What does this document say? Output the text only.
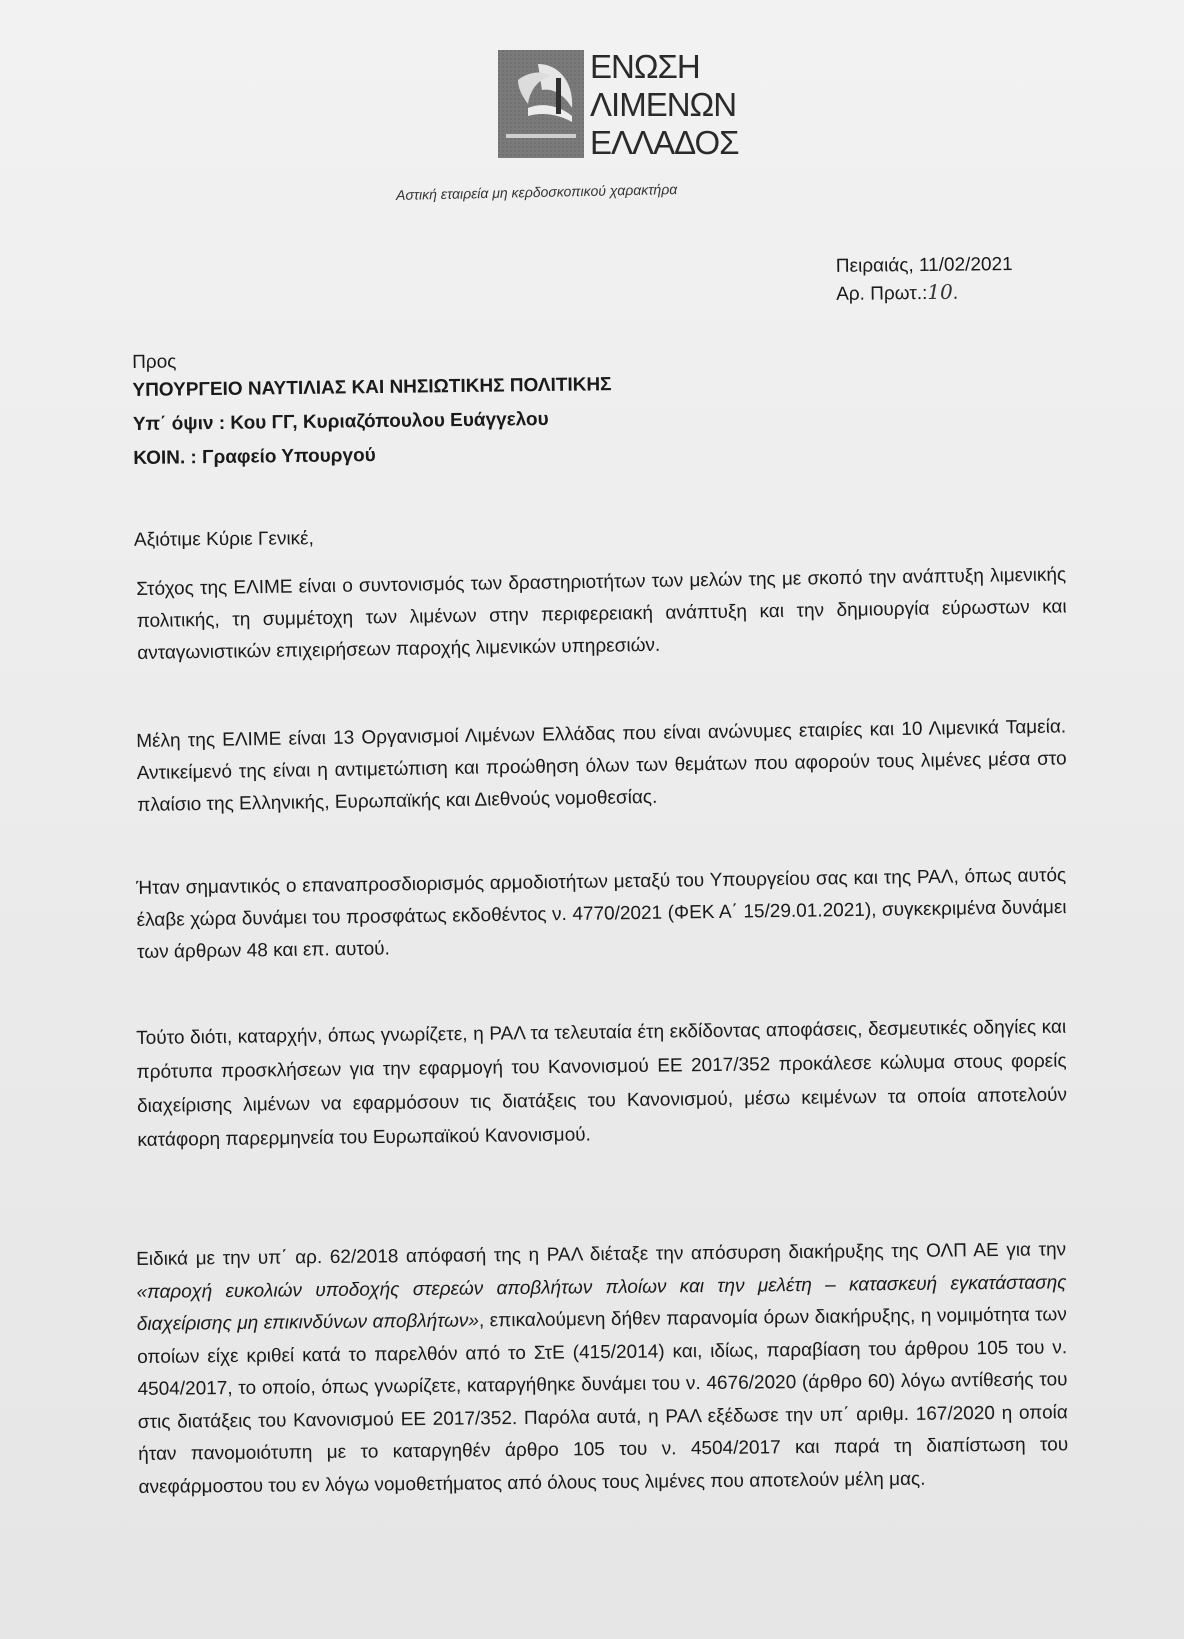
ΕΝΩΣΗ
ΛΙΜΕΝΩΝ
ΕΛΛΑΔΟΣ
Αστική εταιρεία μη κερδοσκοπικού χαρακτήρα
Πειραιάς, 11/02/2021
Αρ. Πρωτ.:10.
Προς
ΥΠΟΥΡΓΕΙΟ ΝΑΥΤΙΛΙΑΣ ΚΑΙ ΝΗΣΙΩΤΙΚΗΣ ΠΟΛΙΤΙΚΗΣ
Υπ΄ όψιν : Κου ΓΓ, Κυριαζόπουλου Ευάγγελου
ΚΟΙΝ. : Γραφείο Υπουργού
Αξιότιμε Κύριε Γενικέ,
Στόχος της ΕΛΙΜΕ είναι ο συντονισμός των δραστηριοτήτων των μελών της με σκοπό την ανάπτυξη λιμενικής πολιτικής, τη συμμέτοχη των λιμένων στην περιφερειακή ανάπτυξη και την δημιουργία εύρωστων και ανταγωνιστικών επιχειρήσεων παροχής λιμενικών υπηρεσιών.
Μέλη της ΕΛΙΜΕ είναι 13 Οργανισμοί Λιμένων Ελλάδας που είναι ανώνυμες εταιρίες και 10 Λιμενικά Ταμεία. Αντικείμενό της είναι η αντιμετώπιση και προώθηση όλων των θεμάτων που αφορούν τους λιμένες μέσα στο πλαίσιο της Ελληνικής, Ευρωπαϊκής και Διεθνούς νομοθεσίας.
Ήταν σημαντικός ο επαναπροσδιορισμός αρμοδιοτήτων μεταξύ του Υπουργείου σας και της ΡΑΛ, όπως αυτός έλαβε χώρα δυνάμει του προσφάτως εκδοθέντος ν. 4770/2021 (ΦΕΚ Α΄ 15/29.01.2021), συγκεκριμένα δυνάμει των άρθρων 48 και επ. αυτού.
Τούτο διότι, καταρχήν, όπως γνωρίζετε, η ΡΑΛ τα τελευταία έτη εκδίδοντας αποφάσεις, δεσμευτικές οδηγίες και πρότυπα προσκλήσεων για την εφαρμογή του Κανονισμού ΕΕ 2017/352 προκάλεσε κώλυμα στους φορείς διαχείρισης λιμένων να εφαρμόσουν τις διατάξεις του Κανονισμού, μέσω κειμένων τα οποία αποτελούν κατάφορη παρερμηνεία του Ευρωπαϊκού Κανονισμού.
Ειδικά με την υπ΄ αρ. 62/2018 απόφασή της η ΡΑΛ διέταξε την απόσυρση διακήρυξης της ΟΛΠ ΑΕ για την «παροχή ευκολιών υποδοχής στερεών αποβλήτων πλοίων και την μελέτη – κατασκευή εγκατάστασης διαχείρισης μη επικινδύνων αποβλήτων», επικαλούμενη δήθεν παρανομία όρων διακήρυξης, η νομιμότητα των οποίων είχε κριθεί κατά το παρελθόν από το ΣτΕ (415/2014) και, ιδίως, παραβίαση του άρθρου 105 του ν. 4504/2017, το οποίο, όπως γνωρίζετε, καταργήθηκε δυνάμει του ν. 4676/2020 (άρθρο 60) λόγω αντίθεσής του στις διατάξεις του Κανονισμού ΕΕ 2017/352. Παρόλα αυτά, η ΡΑΛ εξέδωσε την υπ΄ αριθμ. 167/2020 η οποία ήταν πανομοιότυπη με το καταργηθέν άρθρο 105 του ν. 4504/2017 και παρά τη διαπίστωση του ανεφάρμοστου του εν λόγω νομοθετήματος από όλους τους λιμένες που αποτελούν μέλη μας.
